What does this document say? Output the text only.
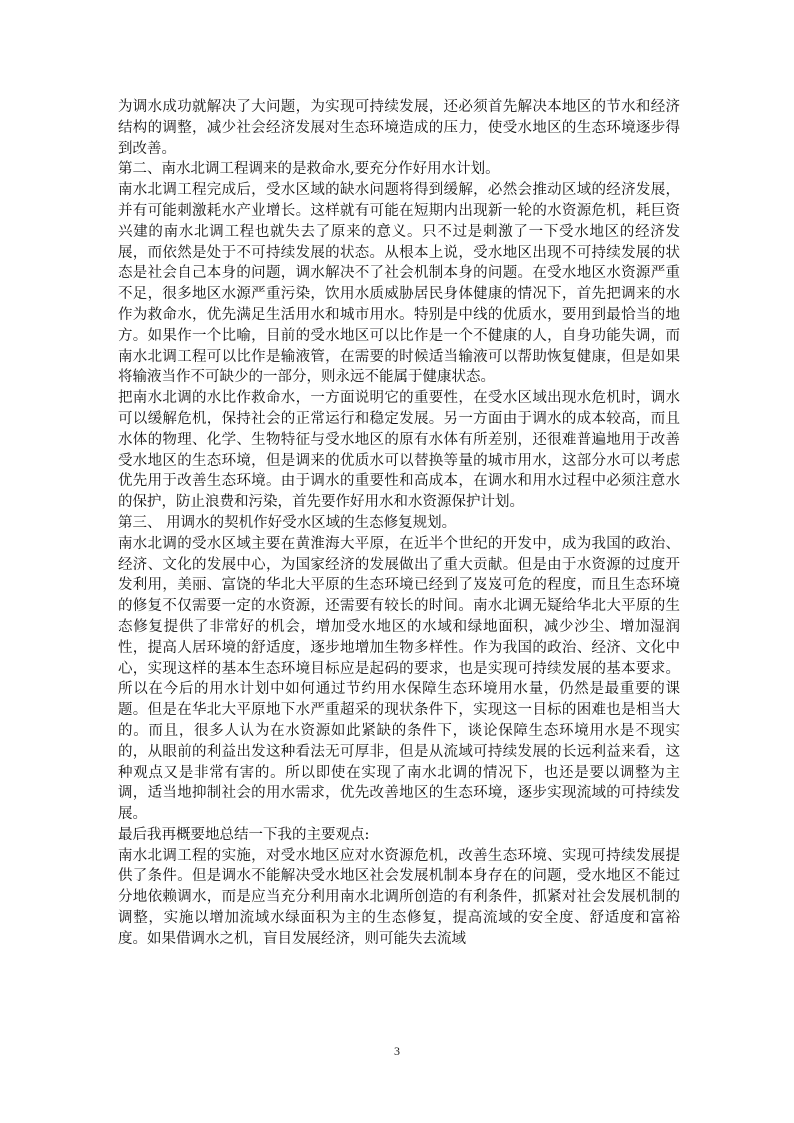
为调水成功就解决了大问题，为实现可持续发展，还必须首先解决本地区的节水和经济结构的调整，减少社会经济发展对生态环境造成的压力，使受水地区的生态环境逐步得到改善。

第二、南水北调工程调来的是救命水,要充分作好用水计划。

南水北调工程完成后，受水区域的缺水问题将得到缓解，必然会推动区域的经济发展，并有可能刺激耗水产业增长。这样就有可能在短期内出现新一轮的水资源危机，耗巨资兴建的南水北调工程也就失去了原来的意义。只不过是刺激了一下受水地区的经济发展，而依然是处于不可持续发展的状态。从根本上说，受水地区出现不可持续发展的状态是社会自己本身的问题，调水解决不了社会机制本身的问题。在受水地区水资源严重不足，很多地区水源严重污染，饮用水质威胁居民身体健康的情况下，首先把调来的水作为救命水，优先满足生活用水和城市用水。特别是中线的优质水，要用到最恰当的地方。如果作一个比喻，目前的受水地区可以比作是一个不健康的人，自身功能失调，而南水北调工程可以比作是输液管，在需要的时候适当输液可以帮助恢复健康，但是如果将输液当作不可缺少的一部分，则永远不能属于健康状态。

把南水北调的水比作救命水，一方面说明它的重要性，在受水区域出现水危机时，调水可以缓解危机，保持社会的正常运行和稳定发展。另一方面由于调水的成本较高，而且水体的物理、化学、生物特征与受水地区的原有水体有所差别，还很难普遍地用于改善受水地区的生态环境，但是调来的优质水可以替换等量的城市用水，这部分水可以考虑优先用于改善生态环境。由于调水的重要性和高成本，在调水和用水过程中必须注意水的保护，防止浪费和污染，首先要作好用水和水资源保护计划。

第三、 用调水的契机作好受水区域的生态修复规划。

南水北调的受水区域主要在黄淮海大平原，在近半个世纪的开发中，成为我国的政治、经济、文化的发展中心，为国家经济的发展做出了重大贡献。但是由于水资源的过度开发利用，美丽、富饶的华北大平原的生态环境已经到了岌岌可危的程度，而且生态环境的修复不仅需要一定的水资源，还需要有较长的时间。南水北调无疑给华北大平原的生态修复提供了非常好的机会，增加受水地区的水域和绿地面积，减少沙尘、增加湿润性，提高人居环境的舒适度，逐步地增加生物多样性。作为我国的政治、经济、文化中心，实现这样的基本生态环境目标应是起码的要求，也是实现可持续发展的基本要求。所以在今后的用水计划中如何通过节约用水保障生态环境用水量，仍然是最重要的课题。但是在华北大平原地下水严重超采的现状条件下，实现这一目标的困难也是相当大的。而且，很多人认为在水资源如此紧缺的条件下，谈论保障生态环境用水是不现实的，从眼前的利益出发这种看法无可厚非，但是从流域可持续发展的长远利益来看，这种观点又是非常有害的。所以即使在实现了南水北调的情况下，也还是要以调整为主调，适当地抑制社会的用水需求，优先改善地区的生态环境，逐步实现流域的可持续发展。

最后我再概要地总结一下我的主要观点:

南水北调工程的实施，对受水地区应对水资源危机，改善生态环境、实现可持续发展提供了条件。但是调水不能解决受水地区社会发展机制本身存在的问题，受水地区不能过分地依赖调水，而是应当充分利用南水北调所创造的有利条件，抓紧对社会发展机制的调整，实施以增加流域水绿面积为主的生态修复，提高流域的安全度、舒适度和富裕度。如果借调水之机，盲目发展经济，则可能失去流域

3
